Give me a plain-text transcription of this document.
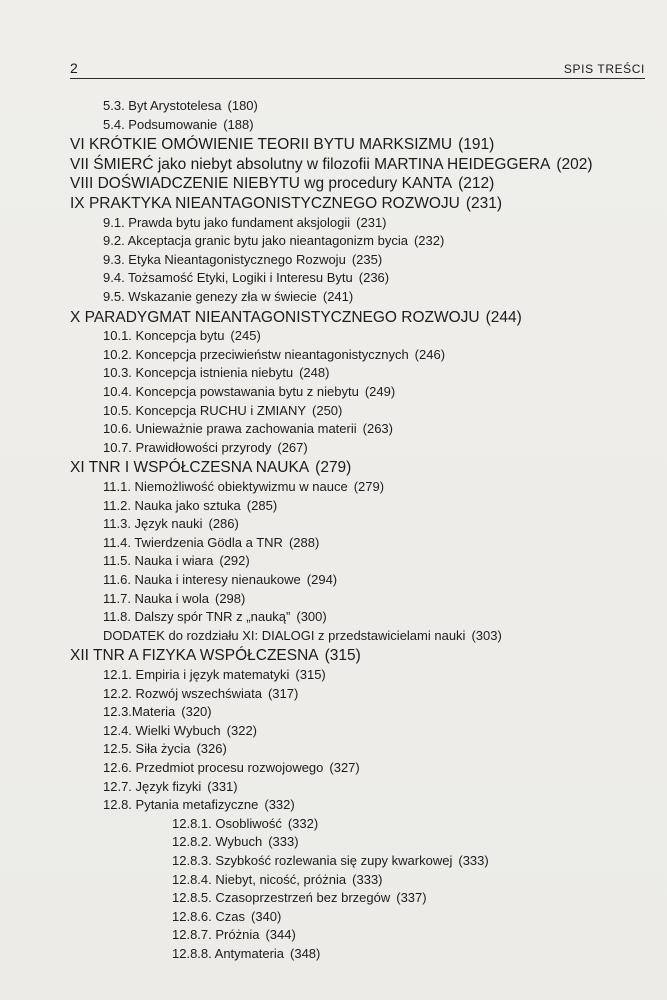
2	SPIS TREŚCI
5.3. Byt Arystotelesa (180)
5.4. Podsumowanie (188)
VI KRÓTKIE OMÓWIENIE TEORII BYTU MARKSIZMU (191)
VII ŚMIERĆ jako niebyt absolutny w filozofii MARTINA HEIDEGGERA (202)
VIII DOŚWIADCZENIE NIEBYTU wg procedury KANTA (212)
IX PRAKTYKA NIEANTAGONISTYCZNEGO ROZWOJU (231)
9.1. Prawda bytu jako fundament aksjologii (231)
9.2. Akceptacja granic bytu jako nieantagonizm bycia (232)
9.3. Etyka Nieantagonistycznego Rozwoju (235)
9.4. Tożsamość Etyki, Logiki i Interesu Bytu (236)
9.5. Wskazanie genezy zła w świecie (241)
X PARADYGMAT NIEANTAGONISTYCZNEGO ROZWOJU (244)
10.1. Koncepcja bytu (245)
10.2. Koncepcja przeciwieństw nieantagonistycznych (246)
10.3. Koncepcja istnienia niebytu (248)
10.4. Koncepcja powstawania bytu z niebytu (249)
10.5. Koncepcja RUCHU i ZMIANY (250)
10.6. Unieważnie prawa zachowania materii (263)
10.7. Prawidłowości przyrody (267)
XI TNR I WSPÓŁCZESNA NAUKA (279)
11.1. Niemożliwość obiektywizmu w nauce (279)
11.2. Nauka jako sztuka (285)
11.3. Język nauki (286)
11.4. Twierdzenia Gödla a TNR (288)
11.5. Nauka i wiara (292)
11.6. Nauka i interesy nienaukowe (294)
11.7. Nauka i wola (298)
11.8. Dalszy spór TNR z „nauką” (300)
DODATEK do rozdziału XI: DIALOGI z przedstawicielami nauki (303)
XII TNR A FIZYKA WSPÓŁCZESNA (315)
12.1. Empiria i język matematyki (315)
12.2. Rozwój wszechświata (317)
12.3.Materia (320)
12.4. Wielki Wybuch (322)
12.5. Siła życia (326)
12.6. Przedmiot procesu rozwojowego (327)
12.7. Język fizyki (331)
12.8. Pytania metafizyczne (332)
12.8.1. Osobliwość (332)
12.8.2. Wybuch (333)
12.8.3. Szybkość rozlewania się zupy kwarkowej (333)
12.8.4. Niebyt, nicość, próżnia (333)
12.8.5. Czasoprzestrzeń bez brzegów (337)
12.8.6. Czas (340)
12.8.7. Próżnia (344)
12.8.8. Antymateria (348)
